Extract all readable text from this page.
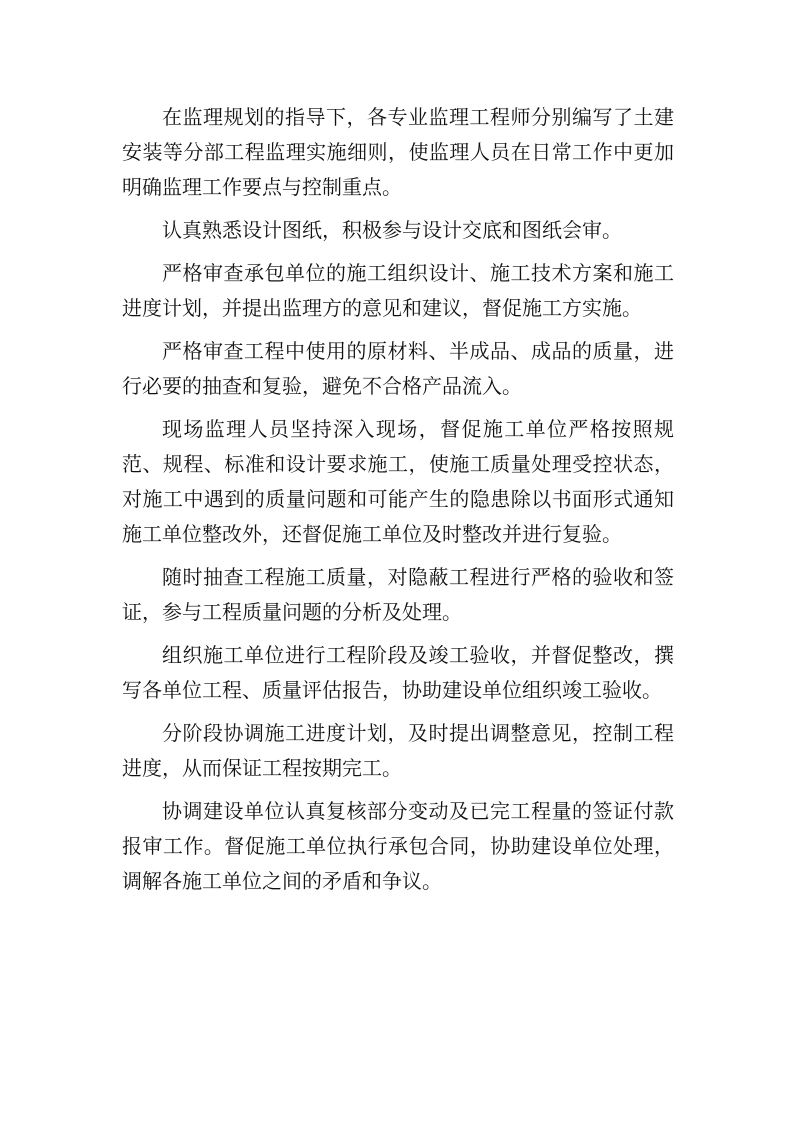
在监理规划的指导下，各专业监理工程师分别编写了土建安装等分部工程监理实施细则，使监理人员在日常工作中更加明确监理工作要点与控制重点。

认真熟悉设计图纸，积极参与设计交底和图纸会审。

严格审查承包单位的施工组织设计、施工技术方案和施工进度计划，并提出监理方的意见和建议，督促施工方实施。

严格审查工程中使用的原材料、半成品、成品的质量，进行必要的抽查和复验，避免不合格产品流入。

现场监理人员坚持深入现场，督促施工单位严格按照规范、规程、标准和设计要求施工，使施工质量处理受控状态，对施工中遇到的质量问题和可能产生的隐患除以书面形式通知施工单位整改外，还督促施工单位及时整改并进行复验。

随时抽查工程施工质量，对隐蔽工程进行严格的验收和签证，参与工程质量问题的分析及处理。

组织施工单位进行工程阶段及竣工验收，并督促整改，撰写各单位工程、质量评估报告，协助建设单位组织竣工验收。

分阶段协调施工进度计划，及时提出调整意见，控制工程进度，从而保证工程按期完工。

协调建设单位认真复核部分变动及已完工程量的签证付款报审工作。督促施工单位执行承包合同，协助建设单位处理，调解各施工单位之间的矛盾和争议。
